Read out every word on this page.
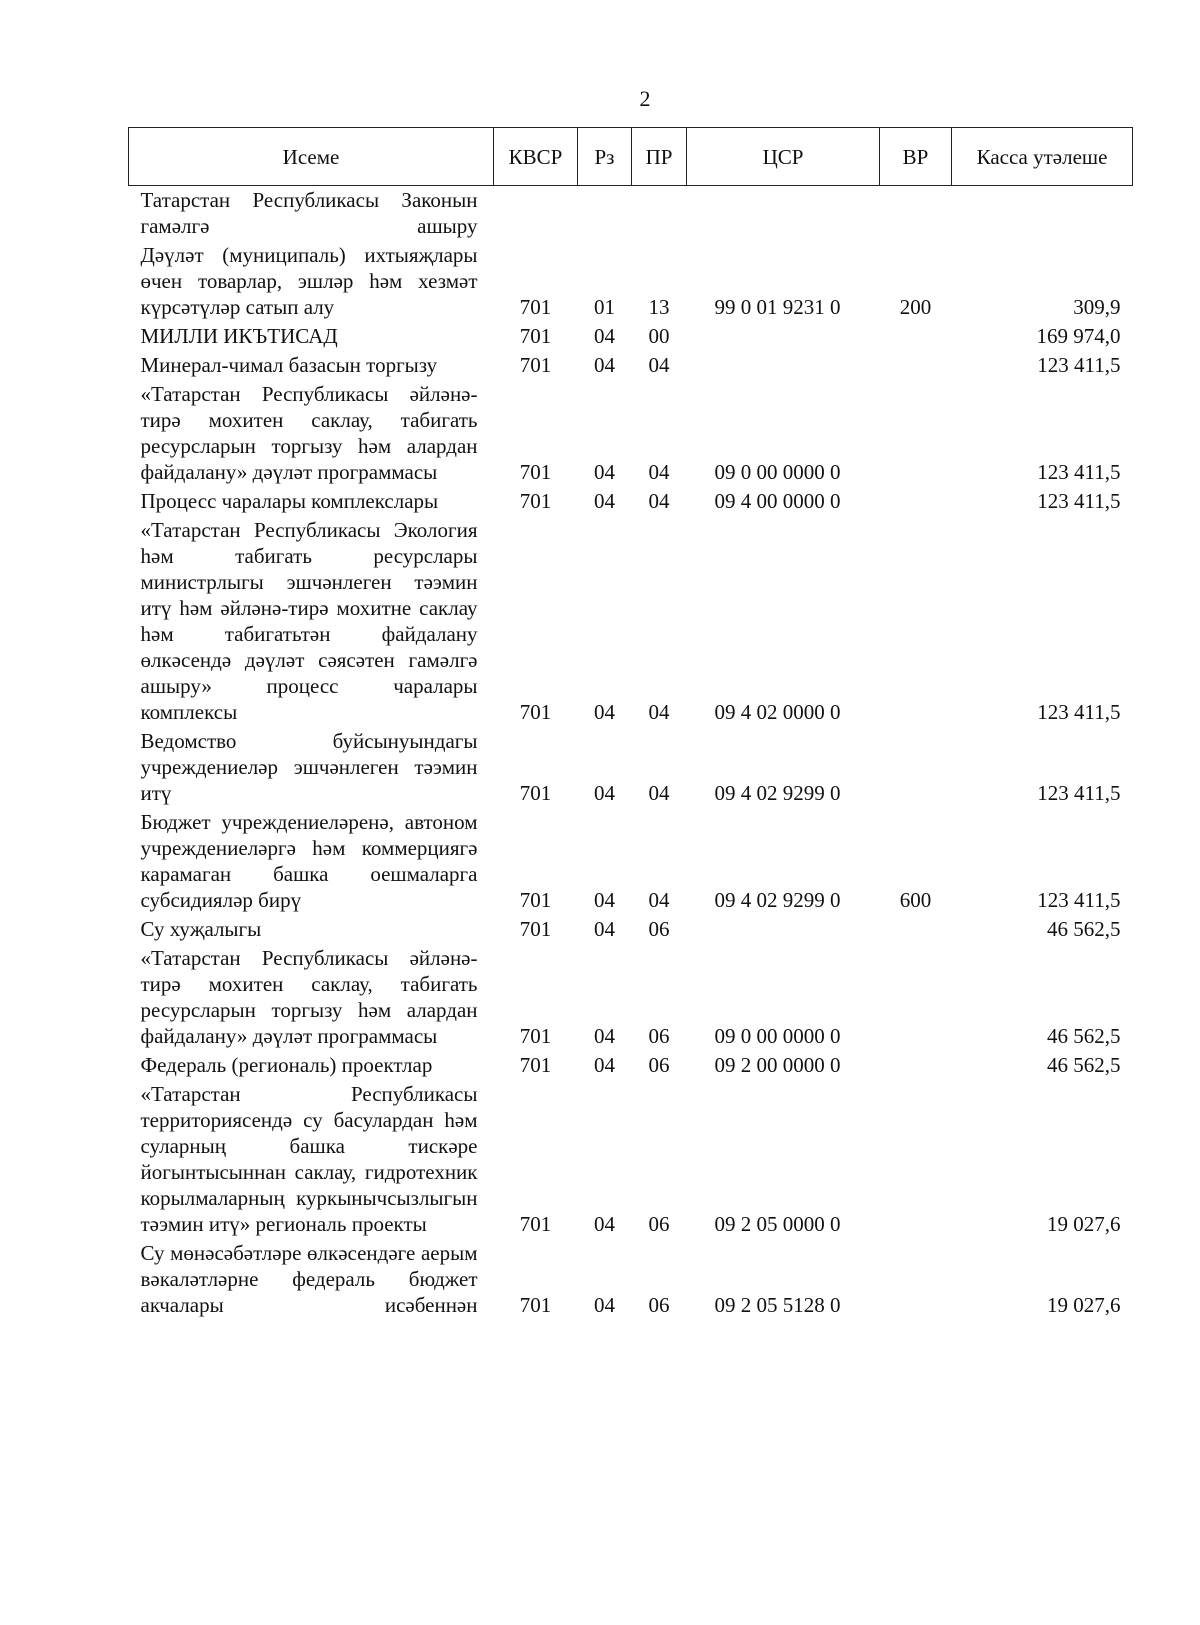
2
Исеме	КВСР	Рз	ПР	ЦСР	ВР	Касса утәлеше
Татарстан Республикасы Законын гамәлгә ашыру						
Дәүләт (муниципаль) ихтыяҗлары өчен товарлар, эшләр һәм хезмәт күрсәтүләр сатып алу	701	01	13	99 0 01 9231 0	200	309,9
МИЛЛИ ИКЪТИСАД	701	04	00			169 974,0
Минерал-чимал базасын торгызу	701	04	04			123 411,5
«Татарстан Республикасы әйләнә-тирә мохитен саклау, табигать ресурсларын торгызу һәм алардан файдалану» дәүләт программасы	701	04	04	09 0 00 0000 0		123 411,5
Процесс чаралары комплекслары	701	04	04	09 4 00 0000 0		123 411,5
«Татарстан Республикасы Экология һәм табигать ресурслары министрлыгы эшчәнлеген тәэмин итү һәм әйләнә-тирә мохитне саклау һәм табигатьтән файдалану өлкәсендә дәүләт сәясәтен гамәлгә ашыру» процесс чаралары комплексы	701	04	04	09 4 02 0000 0		123 411,5
Ведомство буйсынуындагы учреждениеләр эшчәнлеген тәэмин итү	701	04	04	09 4 02 9299 0		123 411,5
Бюджет учреждениеләренә, автоном учреждениеләргә һәм коммерциягә карамаган башка оешмаларга субсидияләр бирү	701	04	04	09 4 02 9299 0	600	123 411,5
Су хуҗалыгы	701	04	06			46 562,5
«Татарстан Республикасы әйләнә-тирә мохитен саклау, табигать ресурсларын торгызу һәм алардан файдалану» дәүләт программасы	701	04	06	09 0 00 0000 0		46 562,5
Федераль (региональ) проектлар	701	04	06	09 2 00 0000 0		46 562,5
«Татарстан Республикасы территориясендә су басулардан һәм суларның башка тискәре йогынтысыннан саклау, гидротехник корылмаларның куркынычсызлыгын тәэмин итү» региональ проекты	701	04	06	09 2 05 0000 0		19 027,6
Су мөнәсәбәтләре өлкәсендәге аерым вәкаләтләрне федераль бюджет акчалары исәбеннән	701	04	06	09 2 05 5128 0		19 027,6
